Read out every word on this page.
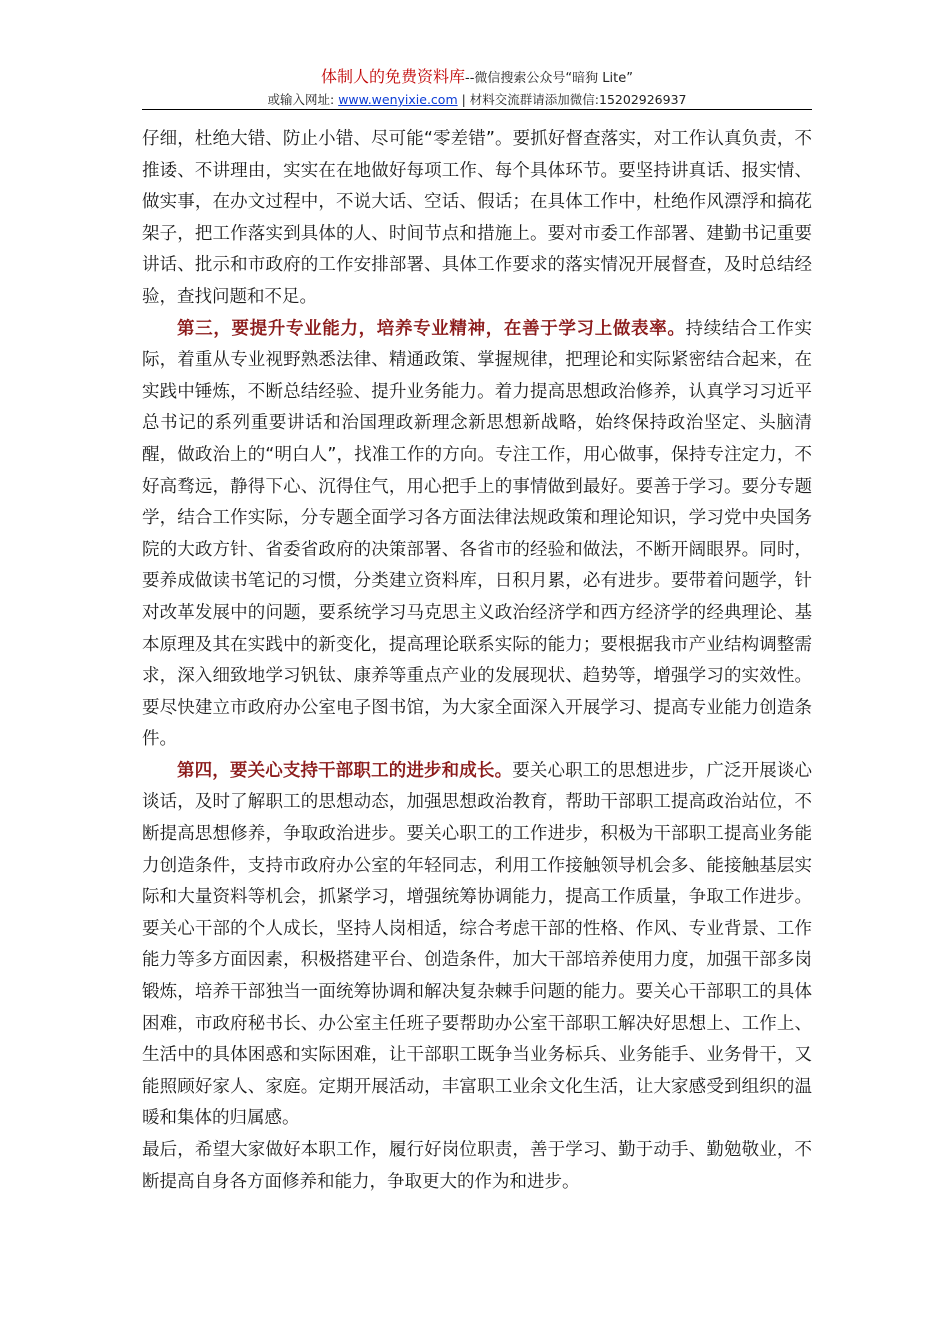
体制人的免费资料库--微信搜索公众号“暗狗 Lite”
或输入网址: www.wenyixie.com | 材料交流群请添加微信:15202926937

仔细，杜绝大错、防止小错、尽可能“零差错”。要抓好督查落实，对工作认真负责，不推诿、不讲理由，实实在在地做好每项工作、每个具体环节。要坚持讲真话、报实情、做实事，在办文过程中，不说大话、空话、假话；在具体工作中，杜绝作风漂浮和搞花架子，把工作落实到具体的人、时间节点和措施上。要对市委工作部署、建勤书记重要讲话、批示和市政府的工作安排部署、具体工作要求的落实情况开展督查，及时总结经验，查找问题和不足。

第三，要提升专业能力，培养专业精神，在善于学习上做表率。持续结合工作实际，着重从专业视野熟悉法律、精通政策、掌握规律，把理论和实际紧密结合起来，在实践中锤炼，不断总结经验、提升业务能力。着力提高思想政治修养，认真学习习近平总书记的系列重要讲话和治国理政新理念新思想新战略，始终保持政治坚定、头脑清醒，做政治上的“明白人”，找准工作的方向。专注工作，用心做事，保持专注定力，不好高骛远，静得下心、沉得住气，用心把手上的事情做到最好。要善于学习。要分专题学，结合工作实际，分专题全面学习各方面法律法规政策和理论知识，学习党中央国务院的大政方针、省委省政府的决策部署、各省市的经验和做法，不断开阔眼界。同时，要养成做读书笔记的习惯，分类建立资料库，日积月累，必有进步。要带着问题学，针对改革发展中的问题，要系统学习马克思主义政治经济学和西方经济学的经典理论、基本原理及其在实践中的新变化，提高理论联系实际的能力；要根据我市产业结构调整需求，深入细致地学习钒钛、康养等重点产业的发展现状、趋势等，增强学习的实效性。要尽快建立市政府办公室电子图书馆，为大家全面深入开展学习、提高专业能力创造条件。

第四，要关心支持干部职工的进步和成长。要关心职工的思想进步，广泛开展谈心谈话，及时了解职工的思想动态，加强思想政治教育，帮助干部职工提高政治站位，不断提高思想修养，争取政治进步。要关心职工的工作进步，积极为干部职工提高业务能力创造条件，支持市政府办公室的年轻同志，利用工作接触领导机会多、能接触基层实际和大量资料等机会，抓紧学习，增强统筹协调能力，提高工作质量，争取工作进步。要关心干部的个人成长，坚持人岗相适，综合考虑干部的性格、作风、专业背景、工作能力等多方面因素，积极搭建平台、创造条件，加大干部培养使用力度，加强干部多岗锻炼，培养干部独当一面统筹协调和解决复杂棘手问题的能力。要关心干部职工的具体困难，市政府秘书长、办公室主任班子要帮助办公室干部职工解决好思想上、工作上、生活中的具体困惑和实际困难，让干部职工既争当业务标兵、业务能手、业务骨干，又能照顾好家人、家庭。定期开展活动，丰富职工业余文化生活，让大家感受到组织的温暖和集体的归属感。

最后，希望大家做好本职工作，履行好岗位职责，善于学习、勤于动手、勤勉敬业，不断提高自身各方面修养和能力，争取更大的作为和进步。
